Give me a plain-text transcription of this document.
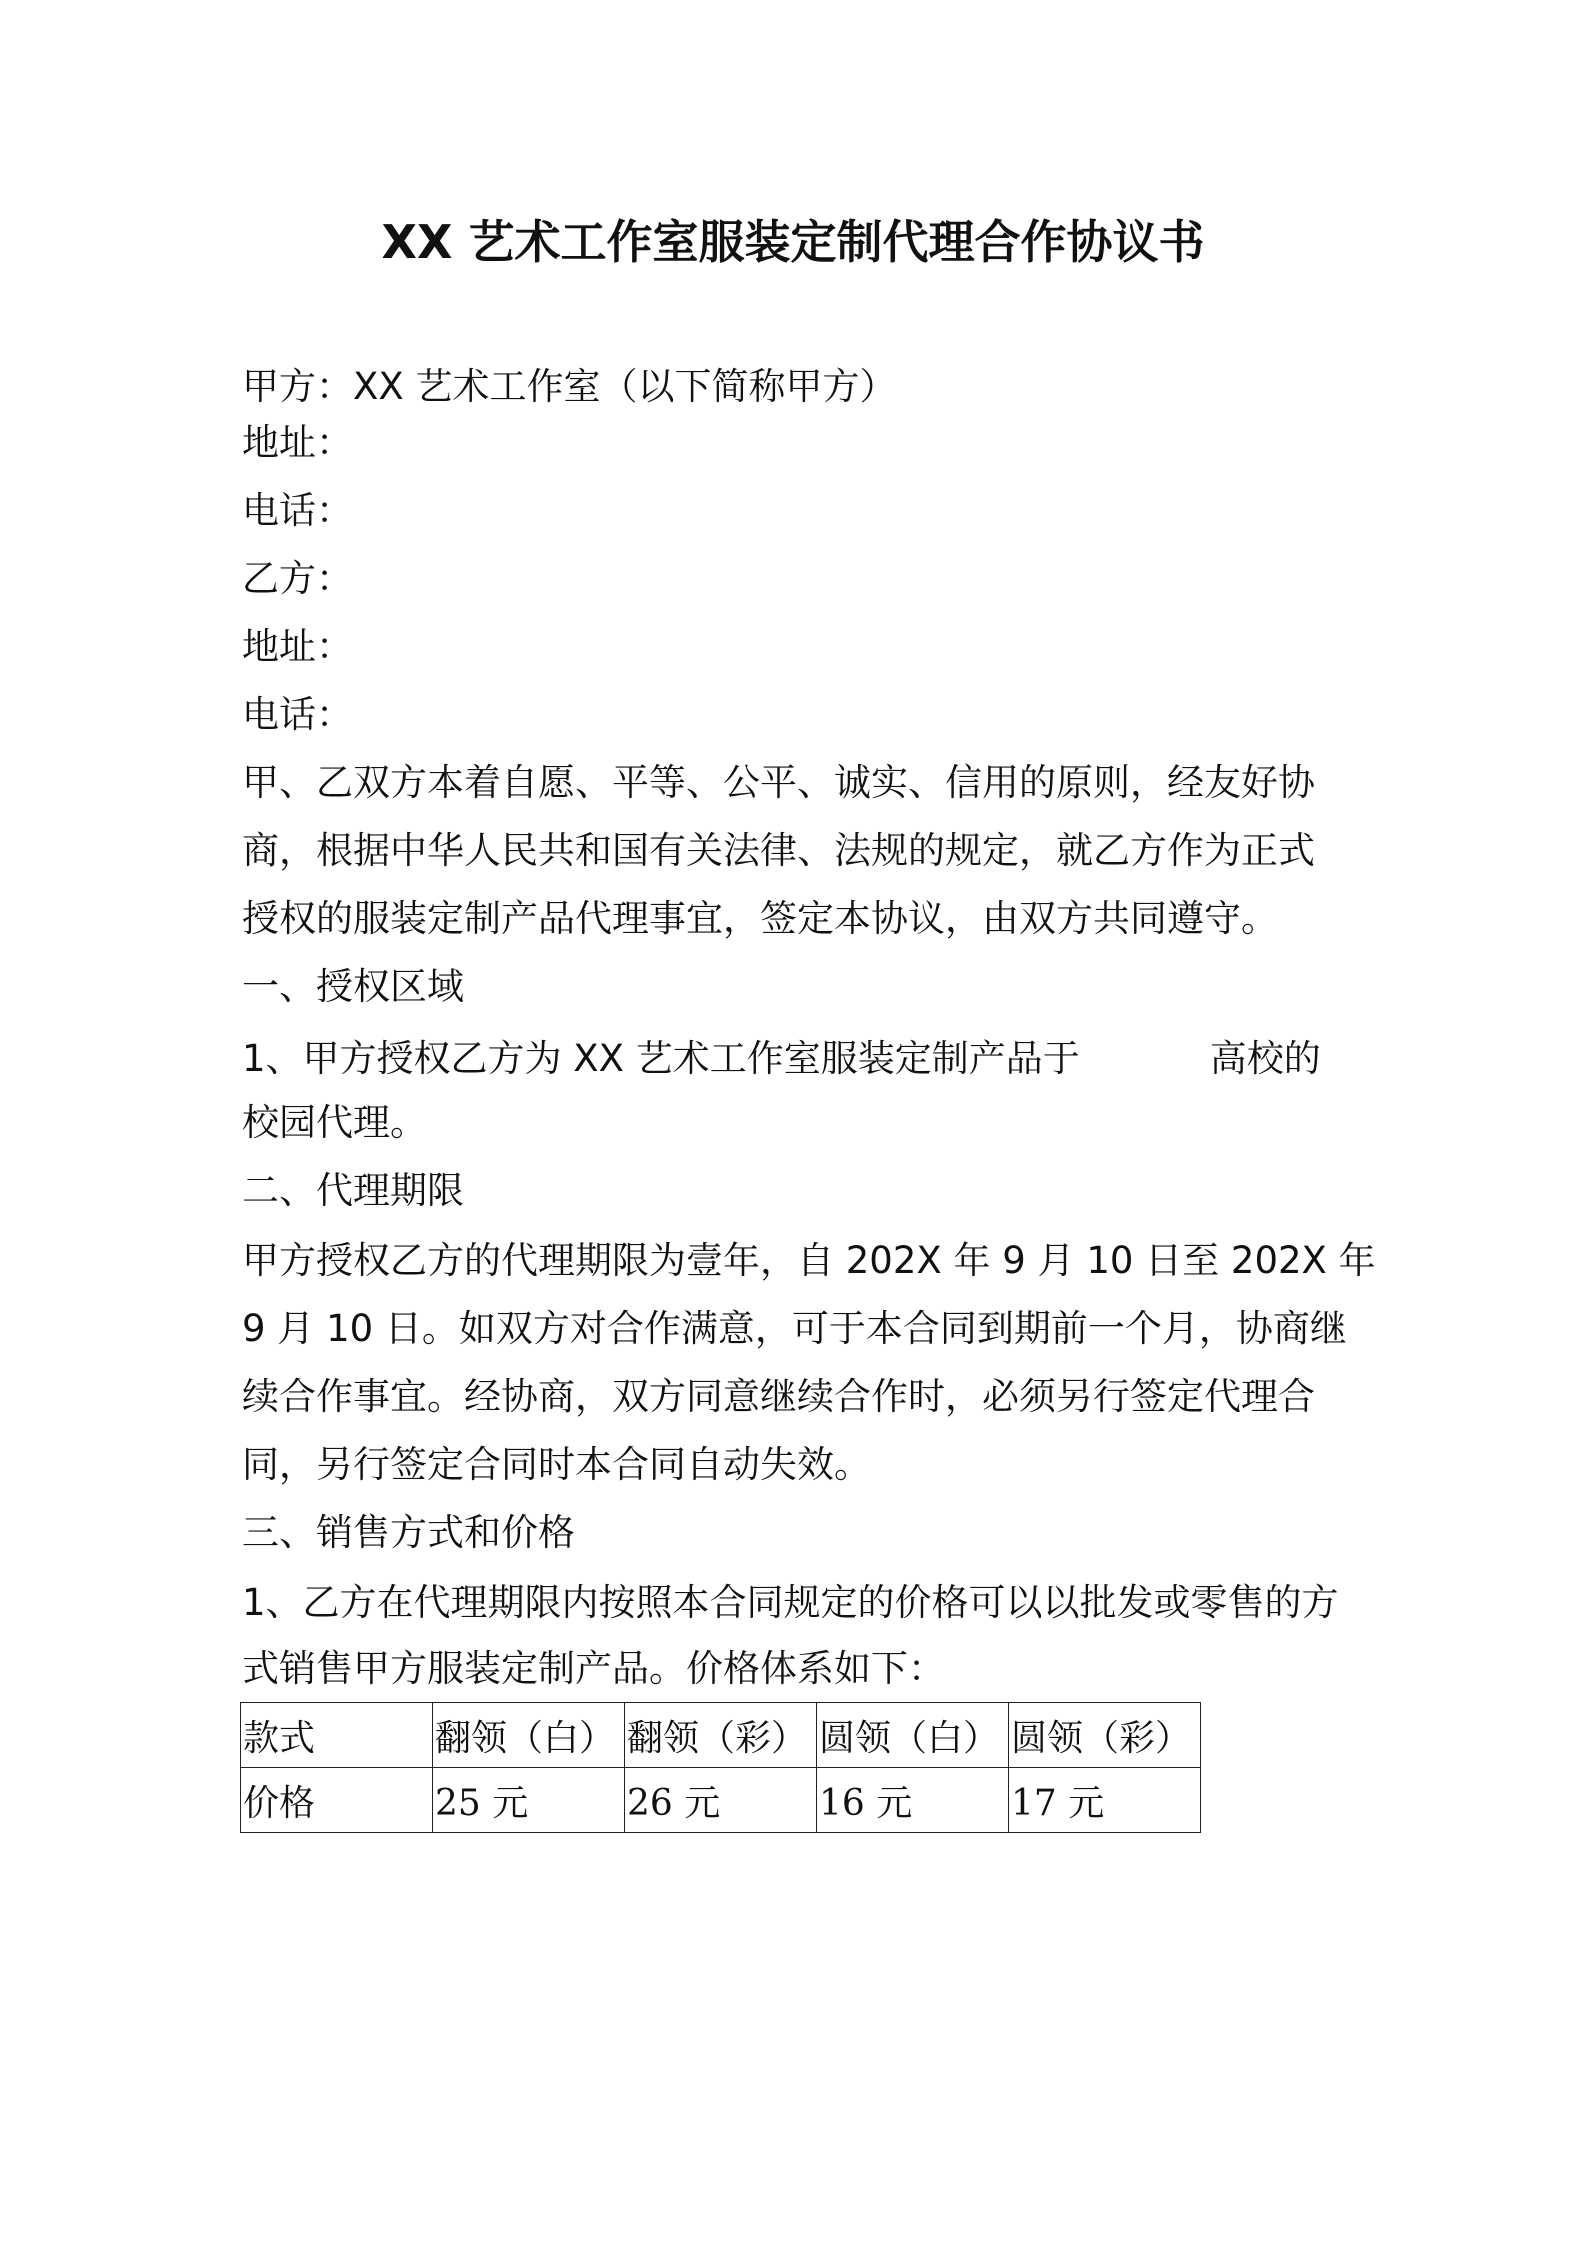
XX 艺术工作室服装定制代理合作协议书
甲方：XX 艺术工作室（以下简称甲方）
地址：
电话：
乙方：
地址：
电话：
甲、乙双方本着自愿、平等、公平、诚实、信用的原则，经友好协
商，根据中华人民共和国有关法律、法规的规定，就乙方作为正式
授权的服装定制产品代理事宜，签定本协议，由双方共同遵守。
一、授权区域
1、甲方授权乙方为 XX 艺术工作室服装定制产品于	高校的
校园代理。
二、代理期限
甲方授权乙方的代理期限为壹年，自 202X 年 9 月 10 日至 202X 年
9 月 10 日。如双方对合作满意，可于本合同到期前一个月，协商继
续合作事宜。经协商，双方同意继续合作时，必须另行签定代理合
同，另行签定合同时本合同自动失效。
三、销售方式和价格
1、乙方在代理期限内按照本合同规定的价格可以以批发或零售的方
式销售甲方服装定制产品。价格体系如下：
款式	翻领（白）	翻领（彩）	圆领（白）	圆领（彩）
价格	25 元	26 元	16 元	17 元
